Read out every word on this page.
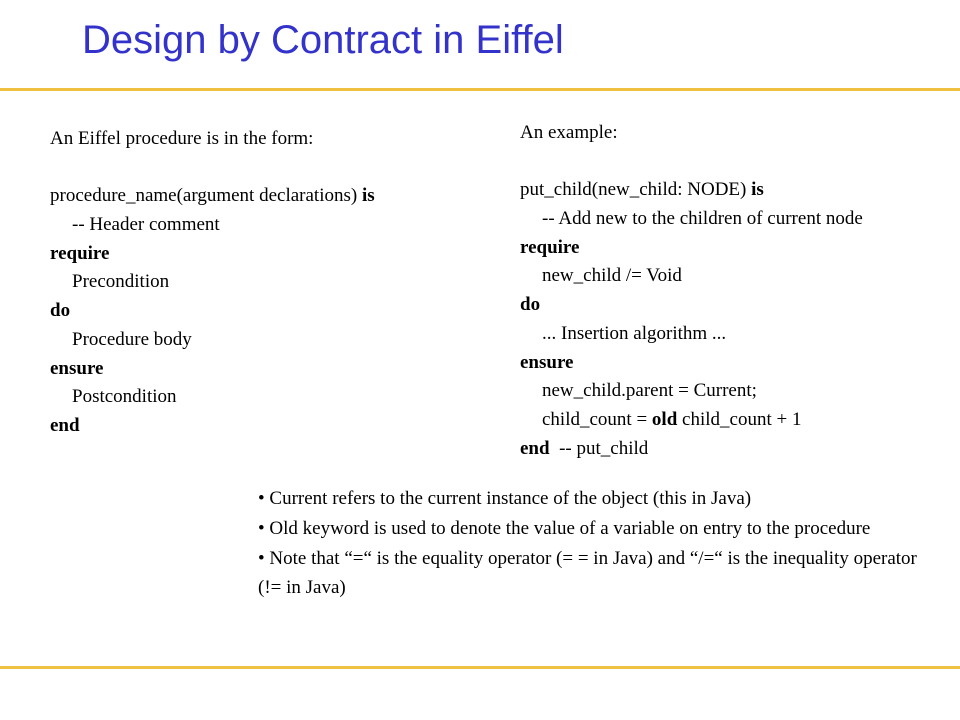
Design by Contract in Eiffel
An Eiffel procedure is in the form:
procedure_name(argument declarations) is
-- Header comment
require
Precondition
do
Procedure body
ensure
Postcondition
end
An example:
put_child(new_child: NODE) is
-- Add new to the children of current node
require
new_child /= Void
do
... Insertion algorithm ...
ensure
new_child.parent = Current;
child_count = old child_count + 1
end -- put_child

• Current refers to the current instance of the object (this in Java)

• Old keyword is used to denote the value of a variable on entry to the procedure

• Note that “=“ is the equality operator (= = in Java) and “/=“ is the inequality operator (!= in Java)
